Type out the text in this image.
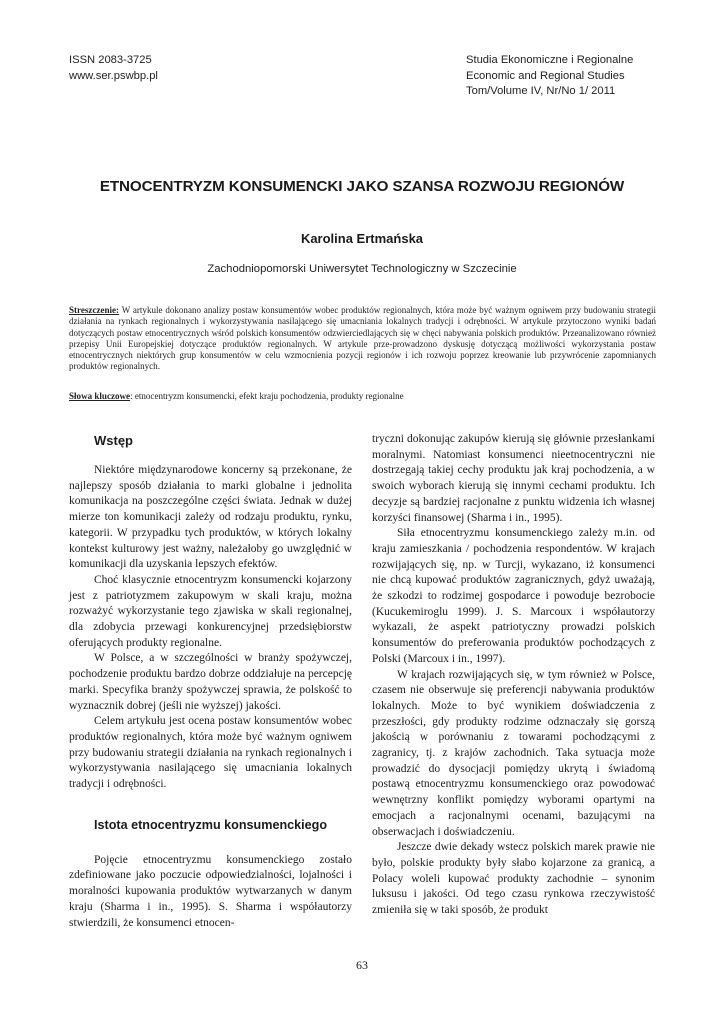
ISSN 2083-3725
www.ser.pswbp.pl
Studia Ekonomiczne i Regionalne
Economic and Regional Studies
Tom/Volume IV, Nr/No 1/ 2011
ETNOCENTRYZM KONSUMENCKI JAKO SZANSA ROZWOJU REGIONÓW
Karolina Ertmańska
Zachodniopomorski Uniwersytet Technologiczny w Szczecinie
Streszczenie: W artykule dokonano analizy postaw konsumentów wobec produktów regionalnych, która może być ważnym ogniwem przy budowaniu strategii działania na rynkach regionalnych i wykorzystywania nasilającego się umacniania lokalnych tradycji i odrębności. W artykule przytoczono wyniki badań dotyczących postaw etnocentrycznych wśród polskich konsumentów odzwierciedlających się w chęci nabywania polskich produktów. Przeanalizowano również przepisy Unii Europejskiej dotyczące produktów regionalnych. W artykule prze-prowadzono dyskusję dotyczącą możliwości wykorzystania postaw etnocentrycznych niektórych grup konsumentów w celu wzmocnienia pozycji regionów i ich rozwoju poprzez kreowanie lub przywrócenie zapomnianych produktów regionalnych.
Słowa kluczowe: etnocentryzm konsumencki, efekt kraju pochodzenia, produkty regionalne
Wstęp

Niektóre międzynarodowe koncerny są przekonane, że najlepszy sposób działania to marki globalne i jednolita komunikacja na poszczególne części świata. Jednak w dużej mierze ton komunikacji zależy od rodzaju produktu, rynku, kategorii. W przypadku tych produktów, w których lokalny kontekst kulturowy jest ważny, należałoby go uwzględnić w komunikacji dla uzyskania lepszych efektów.

Choć klasycznie etnocentryzm konsumencki kojarzony jest z patriotyzmem zakupowym w skali kraju, można rozważyć wykorzystanie tego zjawiska w skali regionalnej, dla zdobycia przewagi konkurencyjnej przedsiębiorstw oferujących produkty regionalne.

W Polsce, a w szczególności w branży spożywczej, pochodzenie produktu bardzo dobrze oddziałuje na percepcję marki. Specyfika branży spożywczej sprawia, że polskość to wyznacznik dobrej (jeśli nie wyższej) jakości.

Celem artykułu jest ocena postaw konsumentów wobec produktów regionalnych, która może być ważnym ogniwem przy budowaniu strategii działania na rynkach regionalnych i wykorzystywania nasilającego się umacniania lokalnych tradycji i odrębności.

Istota etnocentryzmu konsumenckiego

Pojęcie etnocentryzmu konsumenckiego zostało zdefiniowane jako poczucie odpowiedzialności, lojalności i moralności kupowania produktów wytwarzanych w danym kraju (Sharma i in., 1995). S. Sharma i współautorzy stwierdzili, że konsumenci etnocen-

tryczni dokonując zakupów kierują się głównie przesłankami moralnymi. Natomiast konsumenci nieetnocentryczni nie dostrzegają takiej cechy produktu jak kraj pochodzenia, a w swoich wyborach kierują się innymi cechami produktu. Ich decyzje są bardziej racjonalne z punktu widzenia ich własnej korzyści finansowej (Sharma i in., 1995).

Siła etnocentryzmu konsumenckiego zależy m.in. od kraju zamieszkania / pochodzenia respondentów. W krajach rozwijających się, np. w Turcji, wykazano, iż konsumenci nie chcą kupować produktów zagranicznych, gdyż uważają, że szkodzi to rodzimej gospodarce i powoduje bezrobocie (Kucukemiroglu 1999). J. S. Marcoux i współautorzy wykazali, że aspekt patriotyczny prowadzi polskich konsumentów do preferowania produktów pochodzących z Polski (Marcoux i in., 1997).

W krajach rozwijających się, w tym również w Polsce, czasem nie obserwuje się preferencji nabywania produktów lokalnych. Może to być wynikiem doświadczenia z przeszłości, gdy produkty rodzime odznaczały się gorszą jakością w porównaniu z towarami pochodzącymi z zagranicy, tj. z krajów zachodnich. Taka sytuacja może prowadzić do dysocjacji pomiędzy ukrytą i świadomą postawą etnocentryzmu konsumenckiego oraz powodować wewnętrzny konflikt pomiędzy wyborami opartymi na emocjach a racjonalnymi ocenami, bazującymi na obserwacjach i doświadczeniu.

Jeszcze dwie dekady wstecz polskich marek prawie nie było, polskie produkty były słabo kojarzone za granicą, a Polacy woleli kupować produkty zachodnie – synonim luksusu i jakości. Od tego czasu rynkowa rzeczywistość zmieniła się w taki sposób, że produkt

63
